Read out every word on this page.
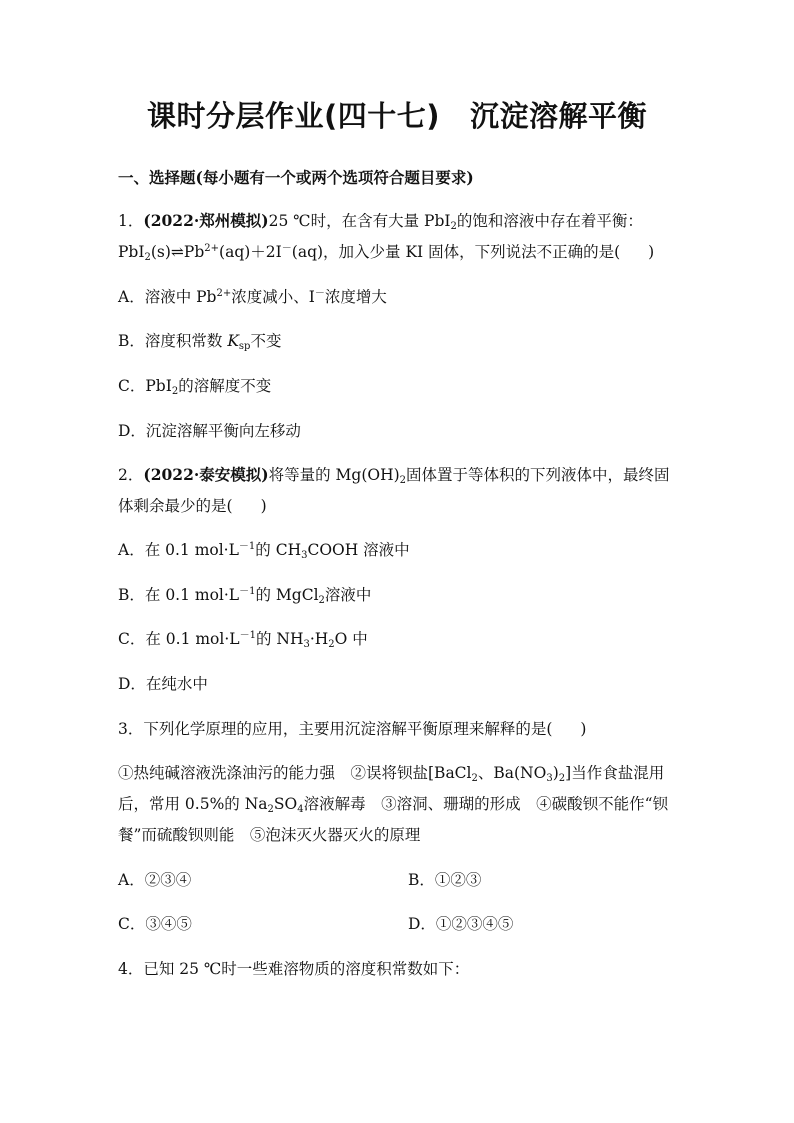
课时分层作业(四十七) 沉淀溶解平衡
一、选择题(每小题有一个或两个选项符合题目要求)
1．(2022·郑州模拟)25 ℃时，在含有大量 PbI$_2$的饱和溶液中存在着平衡：
$PbI_2(s)\rightleftharpoons Pb^{2+}(aq)+2I^-(aq)$，加入少量 KI 固体，下列说法不正确的是( )
A．溶液中 $Pb^{2+}$浓度减小、I－浓度增大
B．溶度积常数 $K_{sp}$不变
C．PbI$_2$的溶解度不变
D．沉淀溶解平衡向左移动
2．(2022·泰安模拟)将等量的 $Mg(OH)_2$固体置于等体积的下列液体中，最终固
体剩余最少的是( )
A．在 0.1 $mol\cdot L^{-1}$的 $CH_3COOH$ 溶液中
B．在 0.1 $mol\cdot L^{-1}$的 MgCl$_2$溶液中
C．在 0.1 $mol\cdot L^{-1}$的 $NH_3\cdot H_2O$ 中
D．在纯水中
3．下列化学原理的应用，主要用沉淀溶解平衡原理来解释的是( )
①热纯碱溶液洗涤油污的能力强　②误将钡盐[BaCl$_2$、$Ba(NO_3)_2$]当作食盐混用
后，常用 0.5%的 $Na_2SO_4$溶液解毒　③溶洞、珊瑚的形成　④碳酸钡不能作“钡
餐”而硫酸钡则能　⑤泡沫灭火器灭火的原理
A．②③④	B．①②③
C．③④⑤	D．①②③④⑤
4．已知 25 ℃时一些难溶物质的溶度积常数如下：
